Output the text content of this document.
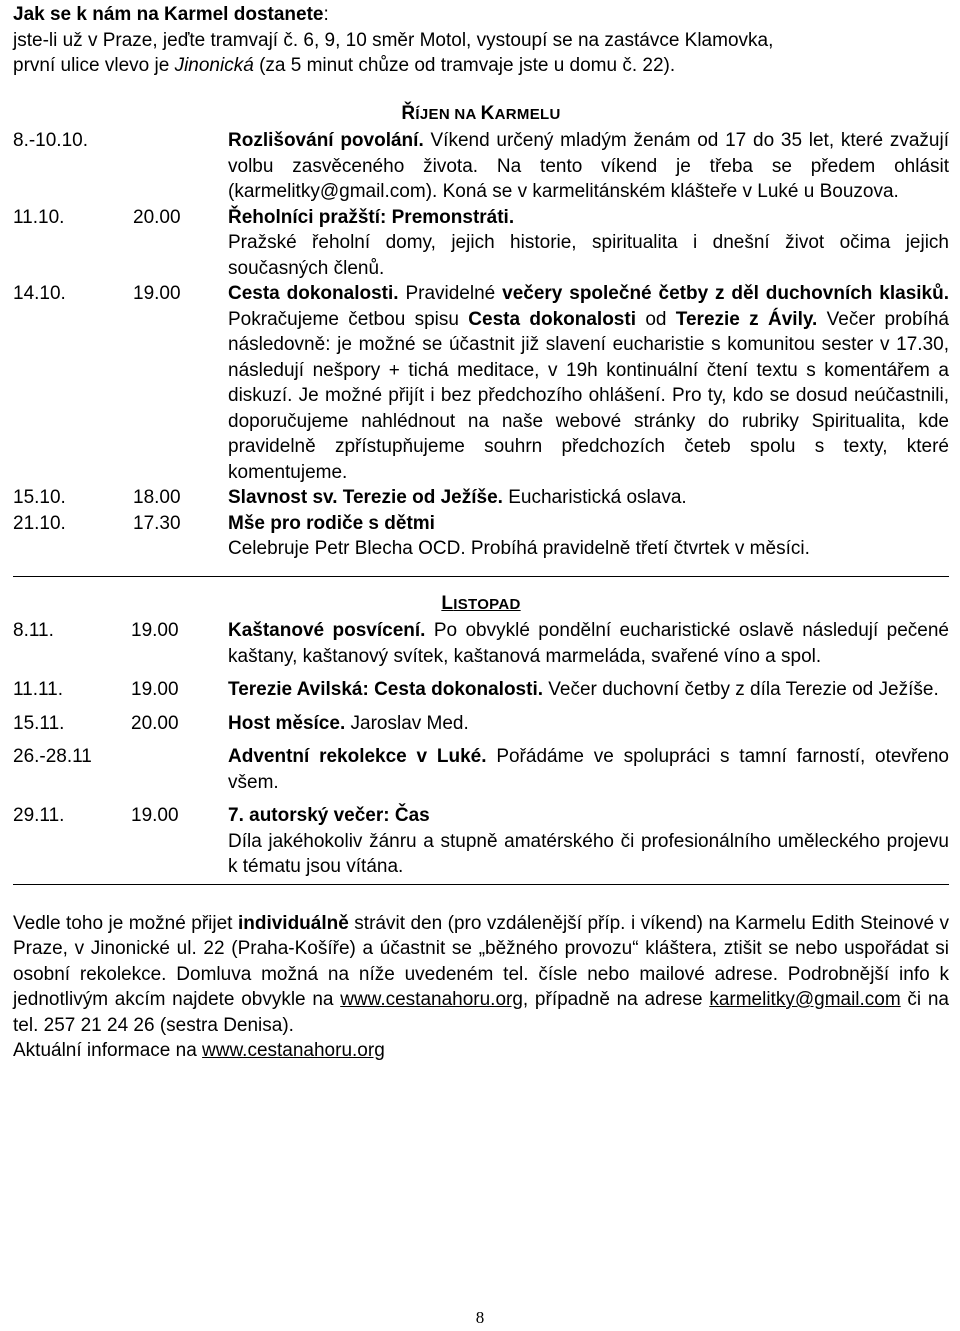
Jak se k nám na Karmel dostanete:
jste-li už v Praze, jeďte tramvají č. 6, 9, 10 směr Motol, vystoupí se na zastávce Klamovka,
první ulice vlevo je Jinonická (za 5 minut chůze od tramvaje jste u domu č. 22).
ŘÍJEN NA KARMELU
8.-10.10.		Rozlišování povolání. Víkend určený mladým ženám od 17 do 35 let, které zvažují volbu zasvěceného života. Na tento víkend je třeba se předem ohlásit (karmelitky@gmail.com). Koná se v karmelitánském klášteře v Luké u Bouzova.
11.10.	20.00	Řeholníci pražští: Premonstráti.
Pražské řeholní domy, jejich historie, spiritualita i dnešní život očima jejich současných členů.
14.10.	19.00	Cesta dokonalosti. Pravidelné večery společné četby z děl duchovních klasiků. Pokračujeme četbou spisu Cesta dokonalosti od Terezie z Ávily. Večer probíhá následovně: je možné se účastnit již slavení eucharistie s komunitou sester v 17.30, následují nešpory + tichá meditace, v 19h kontinuální čtení textu s komentářem a diskuzí. Je možné přijít i bez předchozího ohlášení. Pro ty, kdo se dosud neúčastnili, doporučujeme nahlédnout na naše webové stránky do rubriky Spiritualita, kde pravidelně zpřístupňujeme souhrn předchozích četeb spolu s texty, které komentujeme.
15.10.	18.00	Slavnost sv. Terezie od Ježíše. Eucharistická oslava.
21.10.	17.30	Mše pro rodiče s dětmi
Celebruje Petr Blecha OCD. Probíhá pravidelně třetí čtvrtek v měsíci.
LISTOPAD
8.11.	19.00	Kaštanové posvícení. Po obvyklé pondělní eucharistické oslavě následují pečené kaštany, kaštanový svítek, kaštanová marmeláda, svařené víno a spol.
11.11.	19.00	Terezie Avilská: Cesta dokonalosti. Večer duchovní četby z díla Terezie od Ježíše.
15.11.	20.00	Host měsíce. Jaroslav Med.
26.-28.11		Adventní rekolekce v Luké. Pořádáme ve spolupráci s tamní farností, otevřeno všem.
29.11.	19.00	7. autorský večer: Čas
Díla jakéhokoliv žánru a stupně amatérského či profesionálního uměleckého projevu k tématu jsou vítána.
Vedle toho je možné přijet individuálně strávit den (pro vzdálenější příp. i víkend) na Karmelu Edith Steinové v Praze, v Jinonické ul. 22 (Praha-Košíře) a účastnit se „běžného provozu“ kláštera, ztišit se nebo uspořádat si osobní rekolekce. Domluva možná na níže uvedeném tel. čísle nebo mailové adrese. Podrobnější info k jednotlivým akcím najdete obvykle na www.cestanahoru.org, případně na adrese karmelitky@gmail.com či na tel. 257 21 24 26 (sestra Denisa).
Aktuální informace na www.cestanahoru.org
8
